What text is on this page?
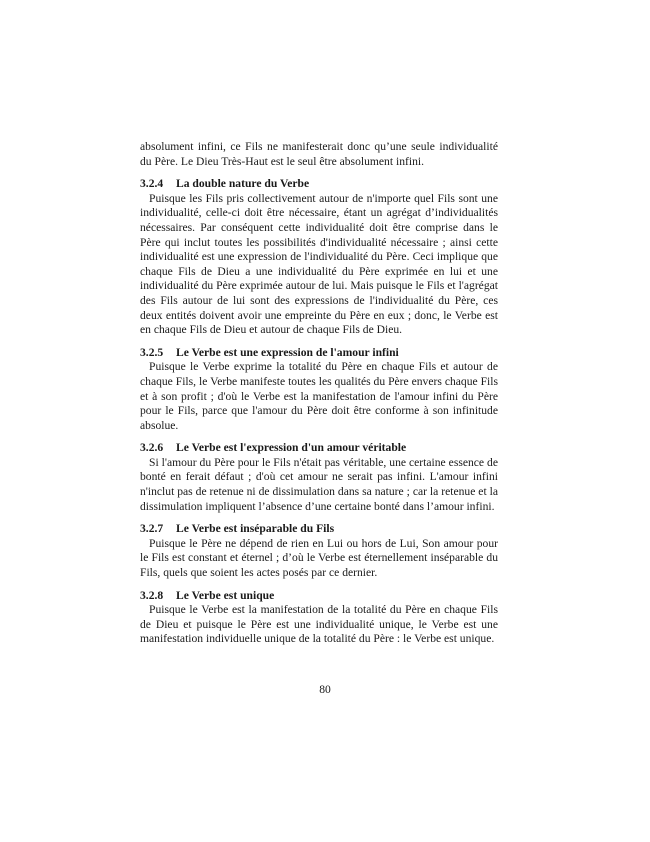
absolument infini, ce Fils ne manifesterait donc qu’une seule individualité du Père. Le Dieu Très-Haut est le seul être absolument infini.

3.2.4 La double nature du Verbe

Puisque les Fils pris collectivement autour de n'importe quel Fils sont une individualité, celle-ci doit être nécessaire, étant un agrégat d’individualités nécessaires. Par conséquent cette individualité doit être comprise dans le Père qui inclut toutes les possibilités d'individualité nécessaire ; ainsi cette individualité est une expression de l'individualité du Père. Ceci implique que chaque Fils de Dieu a une individualité du Père exprimée en lui et une individualité du Père exprimée autour de lui. Mais puisque le Fils et l'agrégat des Fils autour de lui sont des expressions de l'individualité du Père, ces deux entités doivent avoir une empreinte du Père en eux ; donc, le Verbe est en chaque Fils de Dieu et autour de chaque Fils de Dieu.

3.2.5 Le Verbe est une expression de l'amour infini

Puisque le Verbe exprime la totalité du Père en chaque Fils et autour de chaque Fils, le Verbe manifeste toutes les qualités du Père envers chaque Fils et à son profit ; d'où le Verbe est la manifestation de l'amour infini du Père pour le Fils, parce que l'amour du Père doit être conforme à son infinitude absolue.

3.2.6 Le Verbe est l'expression d'un amour véritable

Si l'amour du Père pour le Fils n'était pas véritable, une certaine essence de bonté en ferait défaut ; d'où cet amour ne serait pas infini. L'amour infini n'inclut pas de retenue ni de dissimulation dans sa nature ; car la retenue et la dissimulation impliquent l’absence d’une certaine bonté dans l’amour infini.

3.2.7 Le Verbe est inséparable du Fils

Puisque le Père ne dépend de rien en Lui ou hors de Lui, Son amour pour le Fils est constant et éternel ; d’où le Verbe est éternellement inséparable du Fils, quels que soient les actes posés par ce dernier.

3.2.8 Le Verbe est unique

Puisque le Verbe est la manifestation de la totalité du Père en chaque Fils de Dieu et puisque le Père est une individualité unique, le Verbe est une manifestation individuelle unique de la totalité du Père : le Verbe est unique.

80
